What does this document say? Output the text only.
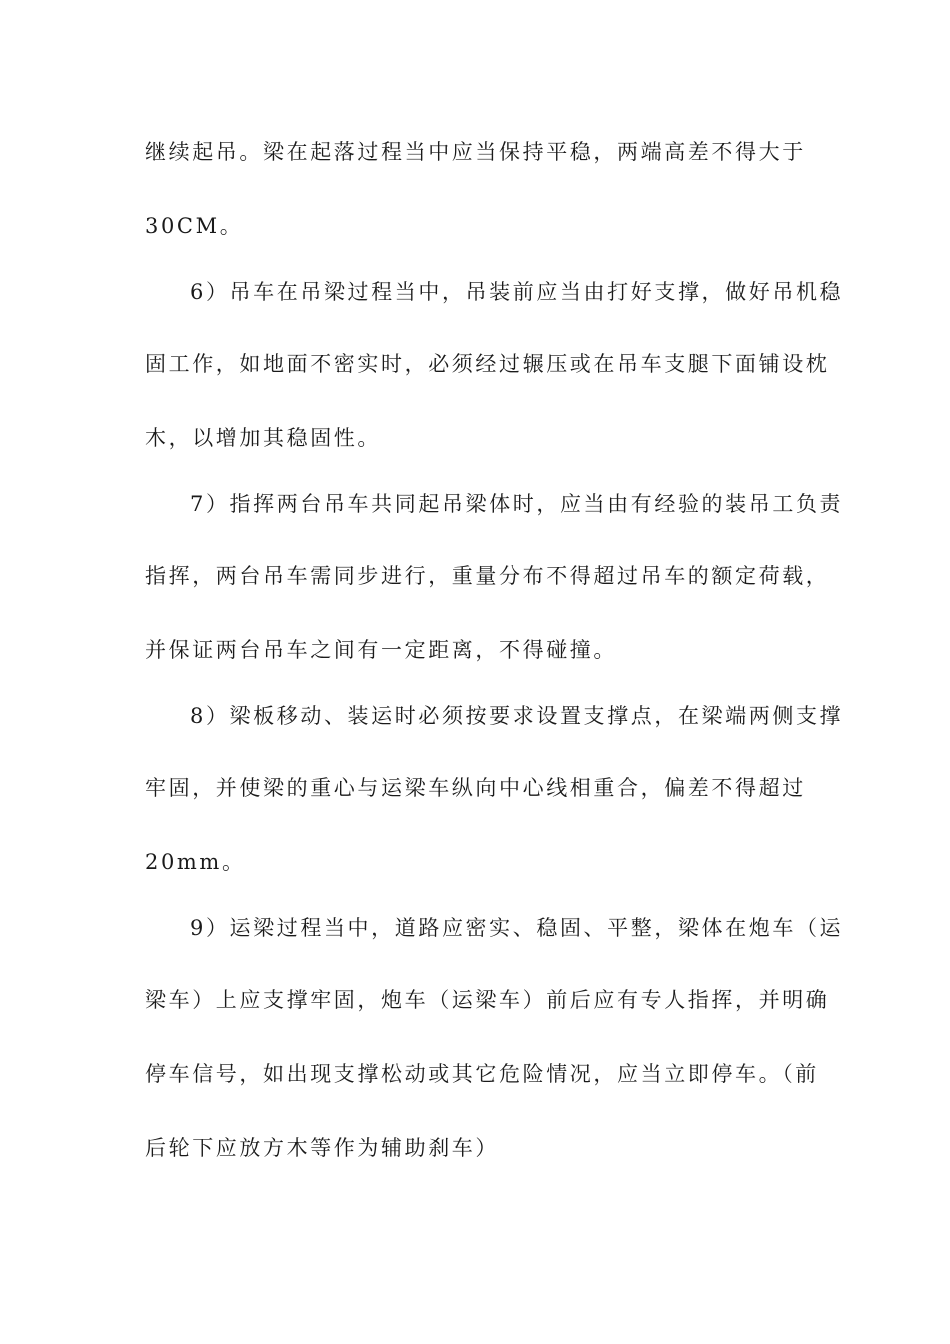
继续起吊。梁在起落过程当中应当保持平稳，两端高差不得大于
30CM。
6）吊车在吊梁过程当中，吊装前应当由打好支撑，做好吊机稳
固工作，如地面不密实时，必须经过辗压或在吊车支腿下面铺设枕
木，以增加其稳固性。
7）指挥两台吊车共同起吊梁体时，应当由有经验的装吊工负责
指挥，两台吊车需同步进行，重量分布不得超过吊车的额定荷载，
并保证两台吊车之间有一定距离，不得碰撞。
8）梁板移动、装运时必须按要求设置支撑点，在梁端两侧支撑
牢固，并使梁的重心与运梁车纵向中心线相重合，偏差不得超过
20mm。
9）运梁过程当中，道路应密实、稳固、平整，梁体在炮车（运
梁车）上应支撑牢固，炮车（运梁车）前后应有专人指挥，并明确
停车信号，如出现支撑松动或其它危险情况，应当立即停车。（前
后轮下应放方木等作为辅助刹车）
